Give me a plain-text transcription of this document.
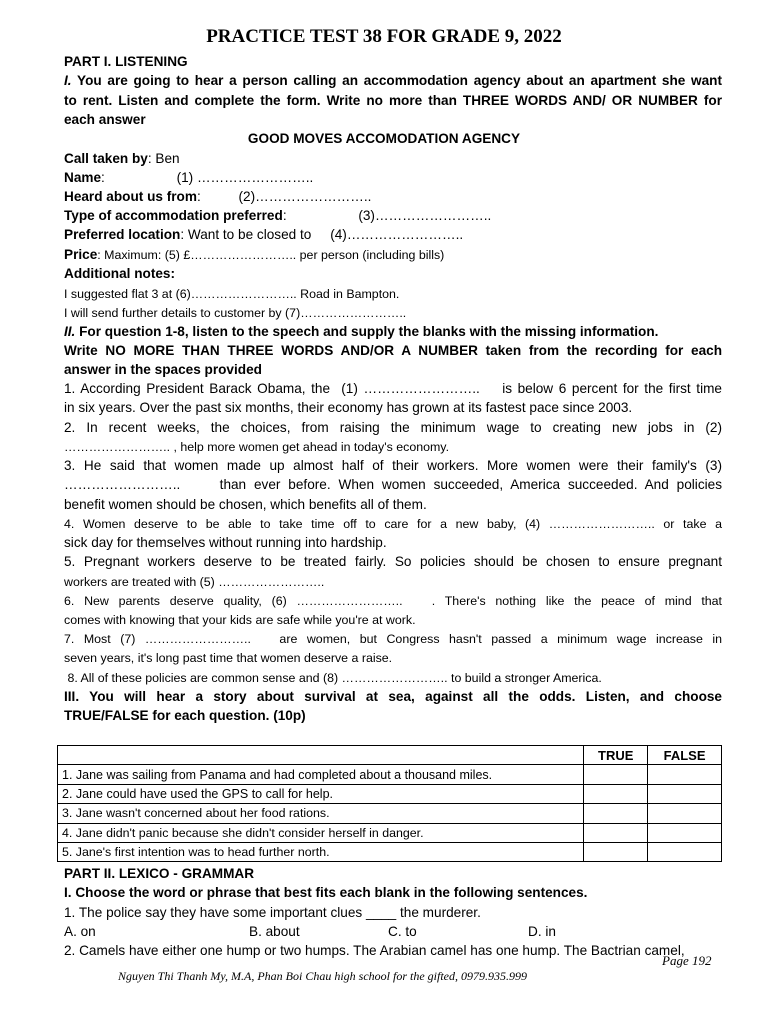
PRACTICE TEST 38 FOR GRADE 9, 2022
PART I. LISTENING
I. You are going to hear a person calling an accommodation agency about an apartment she want
to rent. Listen and complete the form. Write no more than THREE WORDS AND/ OR NUMBER for
each answer
GOOD MOVES ACCOMODATION AGENCY
Call taken by: Ben
Name:                   (1) ……………………..
Heard about us from:          (2)……………………..
Type of accommodation preferred:                   (3)……………………..
Preferred location: Want to be closed to     (4)……………………..
Price: Maximum: (5) £…………………….. per person (including bills)
Additional notes:
I suggested flat 3 at (6)…………………….. Road in Bampton.
I will send further details to customer by (7)……………………..
II. For question 1-8, listen to the speech and supply the blanks with the missing information.
Write NO MORE THAN THREE WORDS AND/OR A NUMBER taken from the recording for each
answer in the spaces provided
1. According President Barack Obama, the  (1) ……………………..    is below 6 percent for the first time
in six years. Over the past six months, their economy has grown at its fastest pace since 2003.
2. In recent weeks, the choices, from raising the minimum wage to creating new jobs in (2)
…………………….. , help more women get ahead in today's economy.
3. He said that women made up almost half of their workers. More women were their family's (3)
……………………..     than ever before. When women succeeded, America succeeded. And policies
benefit women should be chosen, which benefits all of them.
4. Women deserve to be able to take time off to care for a new baby, (4) …………………….. or take a
sick day for themselves without running into hardship.
5. Pregnant workers deserve to be treated fairly. So policies should be chosen to ensure pregnant
workers are treated with (5) ……………………..
6. New parents deserve quality, (6) ……………………..   . There's nothing like the peace of mind that
comes with knowing that your kids are safe while you're at work.
7. Most (7) ……………………..   are women, but Congress hasn't passed a minimum wage increase in
seven years, it's long past time that women deserve a raise.
8. All of these policies are common sense and (8) …………………….. to build a stronger America.
III. You will hear a story about survival at sea, against all the odds. Listen, and choose
TRUE/FALSE for each question. (10p)
	TRUE	FALSE
1. Jane was sailing from Panama and had completed about a thousand miles.		
2. Jane could have used the GPS to call for help.		
3. Jane wasn't concerned about her food rations.		
4. Jane didn't panic because she didn't consider herself in danger.		
5. Jane's first intention was to head further north.		
PART II. LEXICO - GRAMMAR
I. Choose the word or phrase that best fits each blank in the following sentences.
1. The police say they have some important clues ____ the murderer.
A. on	B. about	C. to	D. in
2. Camels have either one hump or two humps. The Arabian camel has one hump. The Bactrian camel,
Page 192
Nguyen Thi Thanh My, M.A, Phan Boi Chau high school for the gifted, 0979.935.999
